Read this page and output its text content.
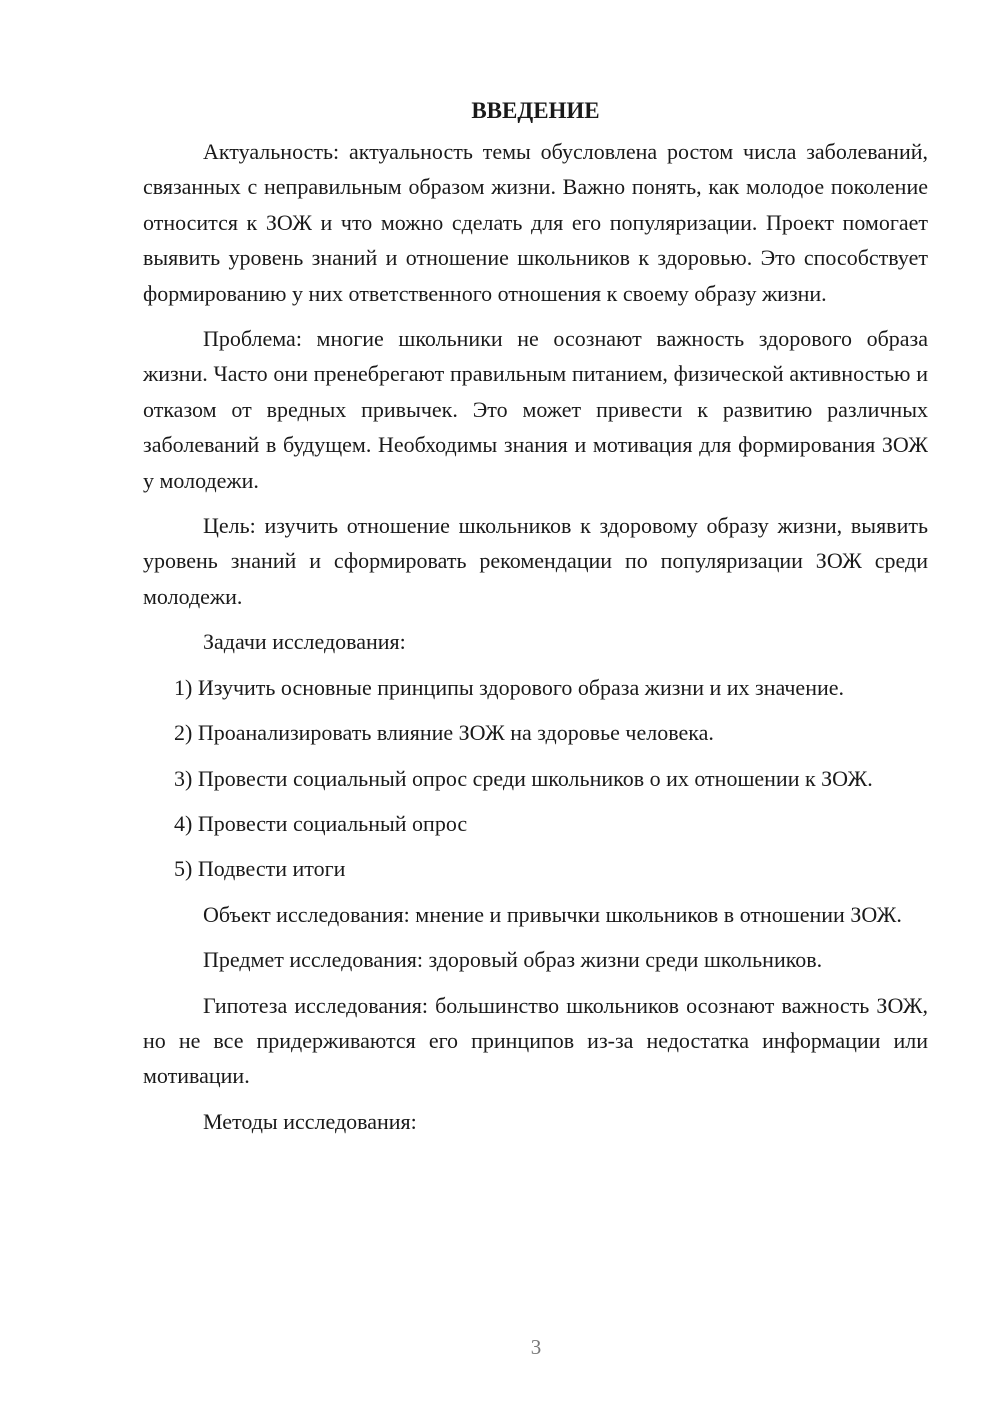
ВВЕДЕНИЕ

Актуальность: актуальность темы обусловлена ростом числа заболеваний, связанных с неправильным образом жизни. Важно понять, как молодое поколение относится к ЗОЖ и что можно сделать для его популяризации. Проект помогает выявить уровень знаний и отношение школьников к здоровью. Это способствует формированию у них ответственного отношения к своему образу жизни.

Проблема: многие школьники не осознают важность здорового образа жизни. Часто они пренебрегают правильным питанием, физической активностью и отказом от вредных привычек. Это может привести к развитию различных заболеваний в будущем. Необходимы знания и мотивация для формирования ЗОЖ у молодежи.

Цель: изучить отношение школьников к здоровому образу жизни, выявить уровень знаний и сформировать рекомендации по популяризации ЗОЖ среди молодежи.

Задачи исследования:

1) Изучить основные принципы здорового образа жизни и их значение.

2) Проанализировать влияние ЗОЖ на здоровье человека.

3) Провести социальный опрос среди школьников о их отношении к ЗОЖ.

4) Провести социальный опрос

5) Подвести итоги

Объект исследования: мнение и привычки школьников в отношении ЗОЖ.

Предмет исследования: здоровый образ жизни среди школьников.

Гипотеза исследования: большинство школьников осознают важность ЗОЖ, но не все придерживаются его принципов из-за недостатка информации или мотивации.

Методы исследования:

3
